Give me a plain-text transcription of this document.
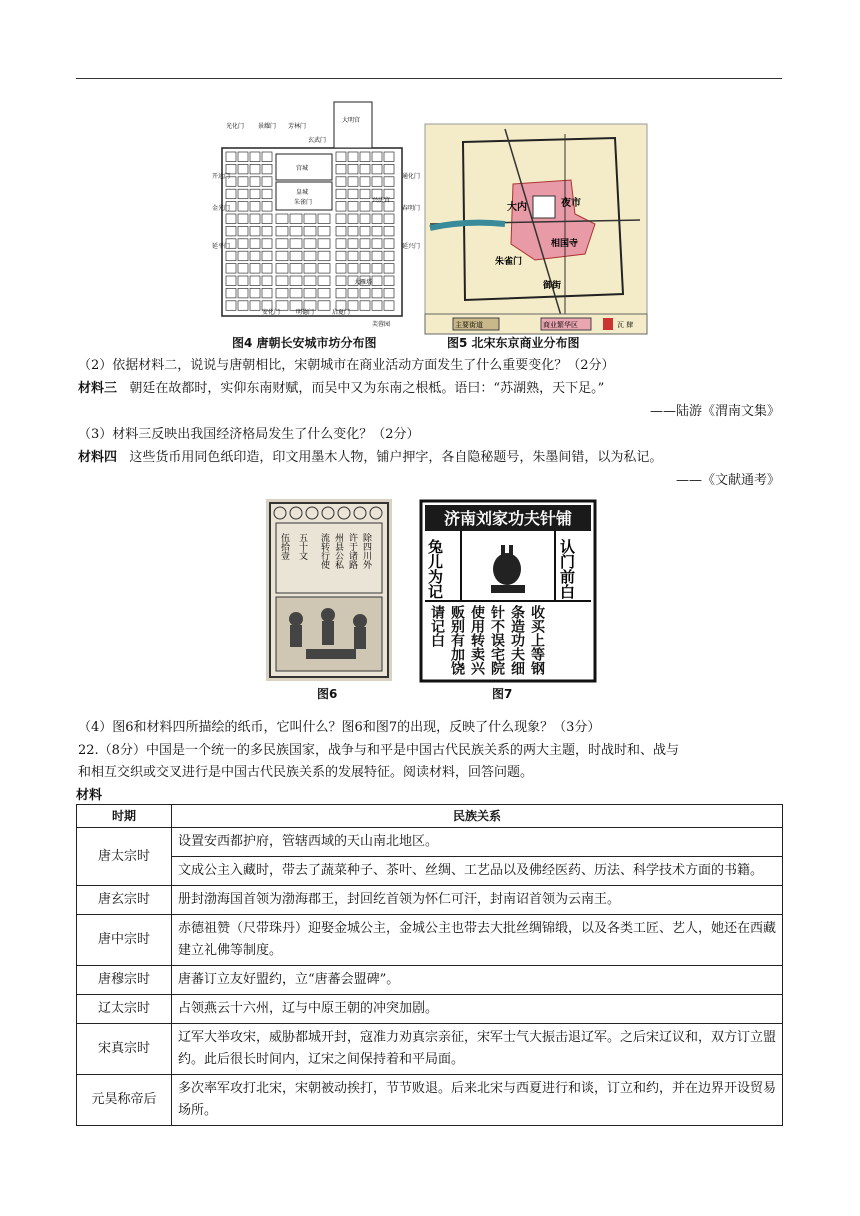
大明宫
光化门 景耀门 芳林门
玄武门
宫城
皇城
朱雀门	兴庆宫
开远门
金光门
延平门
通化门
春明门
延兴门
安化门	明德门	启夏门
芙蓉园
大雁塔
图4 唐朝长安城市坊分布图
大内	夜市
相国寺
朱雀门
御街
主要街道	商业繁华区	瓦 肆
图5 北宋东京商业分布图
（2）依据材料二，说说与唐朝相比，宋朝城市在商业活动方面发生了什么重要变化？（2分）
材料三 朝廷在故都时，实仰东南财赋，而吴中又为东南之根柢。语曰：“苏湖熟，天下足。”
——陆游《渭南文集》
（3）材料三反映出我国经济格局发生了什么变化？（2分）
材料四 这些货币用同色纸印造，印文用墨木人物，铺户押字，各自隐秘题号，朱墨间错，以为私记。
——《文献通考》
除四川外
许于诸路
州县公私
流转行使
五十文
伍拾壹
图6
济南刘家功夫针铺
兔儿为记	认门前白
收买上等钢条造功夫细针不误宅院使用转卖兴贩别有加饶请记白
图7
（4）图6和材料四所描绘的纸币，它叫什么？图6和图7的出现，反映了什么现象？（3分）
22.（8分）中国是一个统一的多民族国家，战争与和平是中国古代民族关系的两大主题，时战时和、战与
和相互交织或交叉进行是中国古代民族关系的发展特征。阅读材料，回答问题。
材料
时期	民族关系
唐太宗时	设置安西都护府，管辖西域的天山南北地区。
	文成公主入藏时，带去了蔬菜种子、茶叶、丝绸、工艺品以及佛经医药、历法、科学技术方面的书籍。
唐玄宗时	册封渤海国首领为渤海郡王，封回纥首领为怀仁可汗，封南诏首领为云南王。
唐中宗时	赤德祖赞（尺带珠丹）迎娶金城公主，金城公主也带去大批丝绸锦缎，以及各类工匠、艺人，她还在西藏建立礼佛等制度。
唐穆宗时	唐蕃订立友好盟约，立“唐蕃会盟碑”。
辽太宗时	占领燕云十六州，辽与中原王朝的冲突加剧。
宋真宗时	辽军大举攻宋，威胁都城开封，寇准力劝真宗亲征，宋军士气大振击退辽军。之后宋辽议和，双方订立盟约。此后很长时间内，辽宋之间保持着和平局面。
元昊称帝后	多次率军攻打北宋，宋朝被动挨打，节节败退。后来北宋与西夏进行和谈，订立和约，并在边界开设贸易场所。
